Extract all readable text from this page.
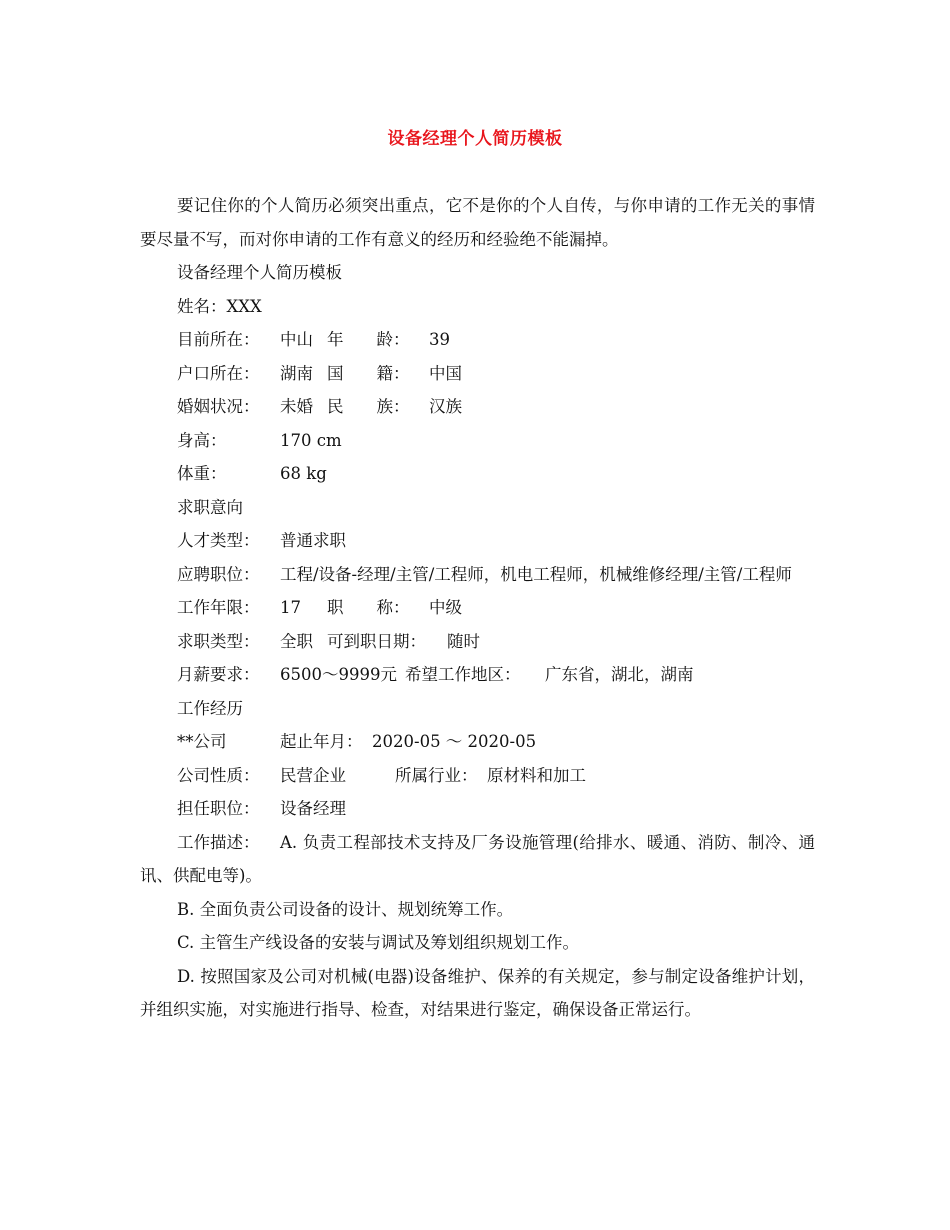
设备经理个人简历模板

要记住你的个人简历必须突出重点，它不是你的个人自传，与你申请的工作无关的事情要尽量不写，而对你申请的工作有意义的经历和经验绝不能漏掉。

设备经理个人简历模板

姓名：XXX

目前所在： 中山 年　　龄： 39

户口所在： 湖南 国　　籍： 中国

婚姻状况： 未婚 民　　族： 汉族

身高：	170 cm

体重：	68 kg

求职意向

人才类型： 普通求职

应聘职位： 工程/设备-经理/主管/工程师，机电工程师，机械维修经理/主管/工程师

工作年限： 17 职　　称： 中级

求职类型： 全职 可到职日期： 随时

月薪要求： 6500～9999元 希望工作地区： 广东省，湖北，湖南

工作经历

**公司	起止年月： 2020-05 ～ 2020-05

公司性质： 民营企业	所属行业： 原材料和加工

担任职位： 设备经理

工作描述： A. 负责工程部技术支持及厂务设施管理(给排水、暖通、消防、制冷、通讯、供配电等)。

B. 全面负责公司设备的设计、规划统筹工作。

C. 主管生产线设备的安装与调试及筹划组织规划工作。

D. 按照国家及公司对机械(电器)设备维护、保养的有关规定，参与制定设备维护计划，并组织实施，对实施进行指导、检查，对结果进行鉴定，确保设备正常运行。
